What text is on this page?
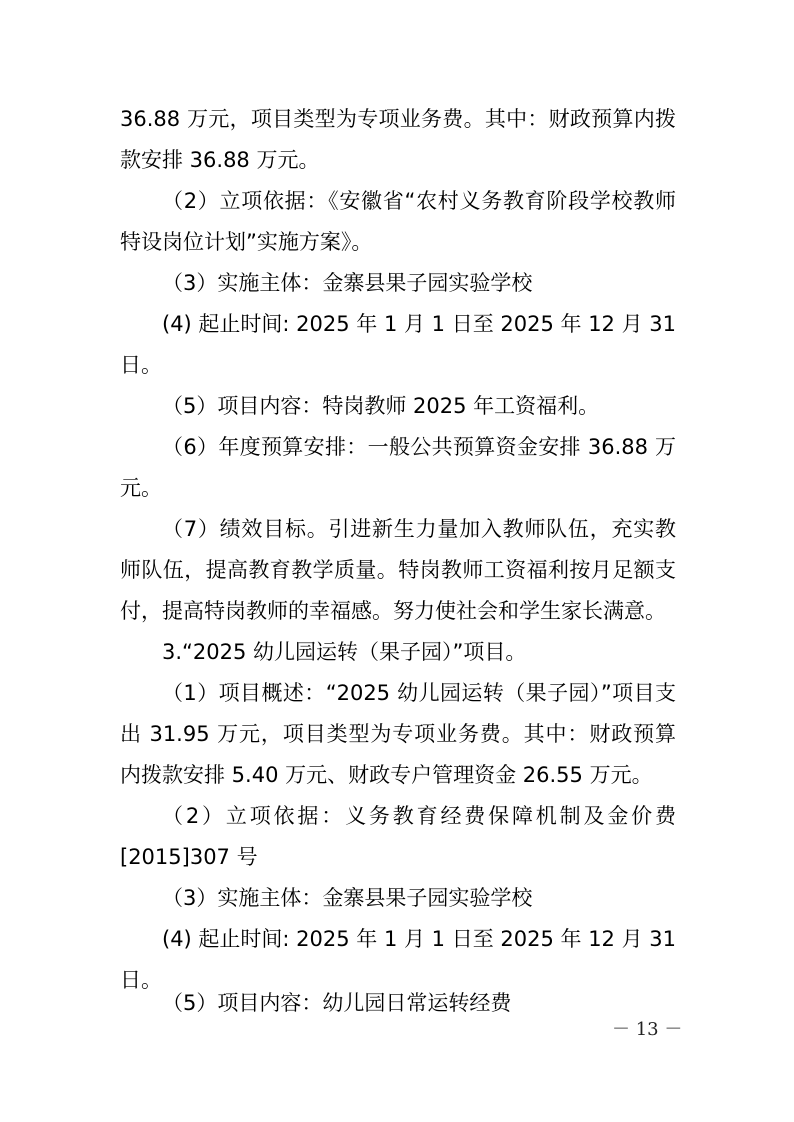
36.88 万元，项目类型为专项业务费。其中：财政预算内拨款安排 36.88 万元。

（2）立项依据：《安徽省“农村义务教育阶段学校教师特设岗位计划”实施方案》。

（3）实施主体：金寨县果子园实验学校

(4) 起止时间: 2025 年 1 月 1 日至 2025 年 12 月 31 日。

（5）项目内容：特岗教师 2025 年工资福利。

（6）年度预算安排：一般公共预算资金安排 36.88 万元。

（7）绩效目标。引进新生力量加入教师队伍，充实教师队伍，提高教育教学质量。特岗教师工资福利按月足额支付，提高特岗教师的幸福感。努力使社会和学生家长满意。

3.“2025 幼儿园运转（果子园）”项目。

（1）项目概述：“2025 幼儿园运转（果子园）”项目支出 31.95 万元，项目类型为专项业务费。其中：财政预算内拨款安排 5.40 万元、财政专户管理资金 26.55 万元。

（2）立项依据：义务教育经费保障机制及金价费[2015]307 号

（3）实施主体：金寨县果子园实验学校

(4) 起止时间: 2025 年 1 月 1 日至 2025 年 12 月 31 日。

（5）项目内容：幼儿园日常运转经费

－ 13 －
